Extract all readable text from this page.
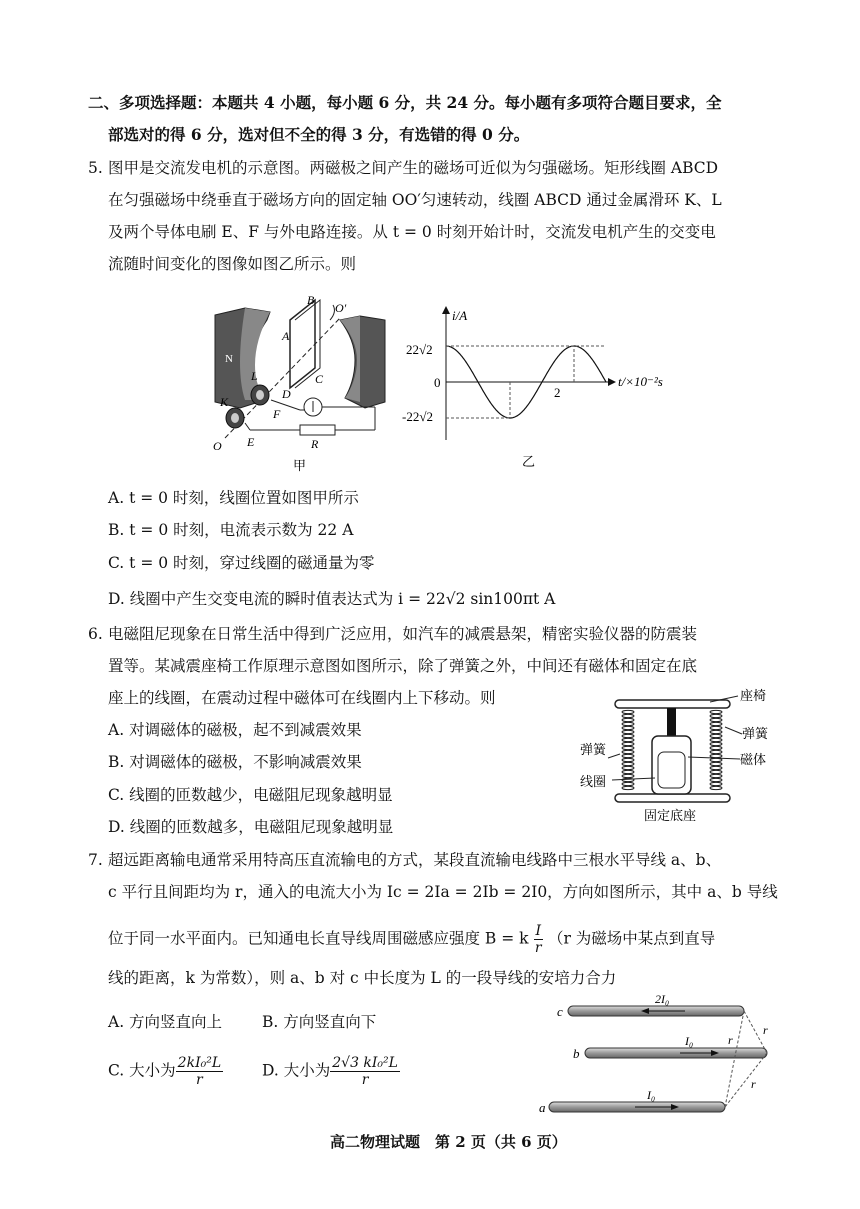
二、多项选择题：本题共 4 小题，每小题 6 分，共 24 分。每小题有多项符合题目要求，全
部选对的得 6 分，选对但不全的得 3 分，有选错的得 0 分。
5. 图甲是交流发电机的示意图。两磁极之间产生的磁场可近似为匀强磁场。矩形线圈 ABCD
在匀强磁场中绕垂直于磁场方向的固定轴 OO′匀速转动，线圈 ABCD 通过金属滑环 K、L
及两个导体电刷 E、F 与外电路连接。从 t = 0 时刻开始计时，交流发电机产生的交变电
流随时间变化的图像如图乙所示。则
N	S
B
O′
A
C
L
D
K
F
O E	R
甲
i/A
t/×10⁻²s
22√2
0
-22√2
2
乙
A. t = 0 时刻，线圈位置如图甲所示
B. t = 0 时刻，电流表示数为 22 A
C. t = 0 时刻，穿过线圈的磁通量为零
D. 线圈中产生交变电流的瞬时值表达式为 i = 22√2 sin100πt A
6. 电磁阻尼现象在日常生活中得到广泛应用，如汽车的减震悬架，精密实验仪器的防震装
置等。某减震座椅工作原理示意图如图所示，除了弹簧之外，中间还有磁体和固定在底
座上的线圈，在震动过程中磁体可在线圈内上下移动。则
A. 对调磁体的磁极，起不到减震效果
B. 对调磁体的磁极，不影响减震效果
C. 线圈的匝数越少，电磁阻尼现象越明显
D. 线圈的匝数越多，电磁阻尼现象越明显
座椅
弹簧
磁体
弹簧
线圈
固定底座
7. 超远距离输电通常采用特高压直流输电的方式，某段直流输电线路中三根水平导线 a、b、
c 平行且间距均为 r，通入的电流大小为 Ic = 2Ia = 2Ib = 2I0，方向如图所示，其中 a、b 导线
位于同一水平面内。已知通电长直导线周围磁感应强度 B = k $\frac{I}{r} (r$ 为磁场中某点到直导
线的距离，k 为常数），则 a、b 对 c 中长度为 L 的一段导线的安培力合力
A. 方向竖直向上	B. 方向竖直向下
C. 大小为 $\frac{\text{2kI₀²L}}{r}$	D. 大小为 $\frac{\text{2√3 kI₀²L}}{r}$
c
b
a
2I₀
I₀
I₀
r
r
r
高二物理试题　第 2 页（共 6 页）
